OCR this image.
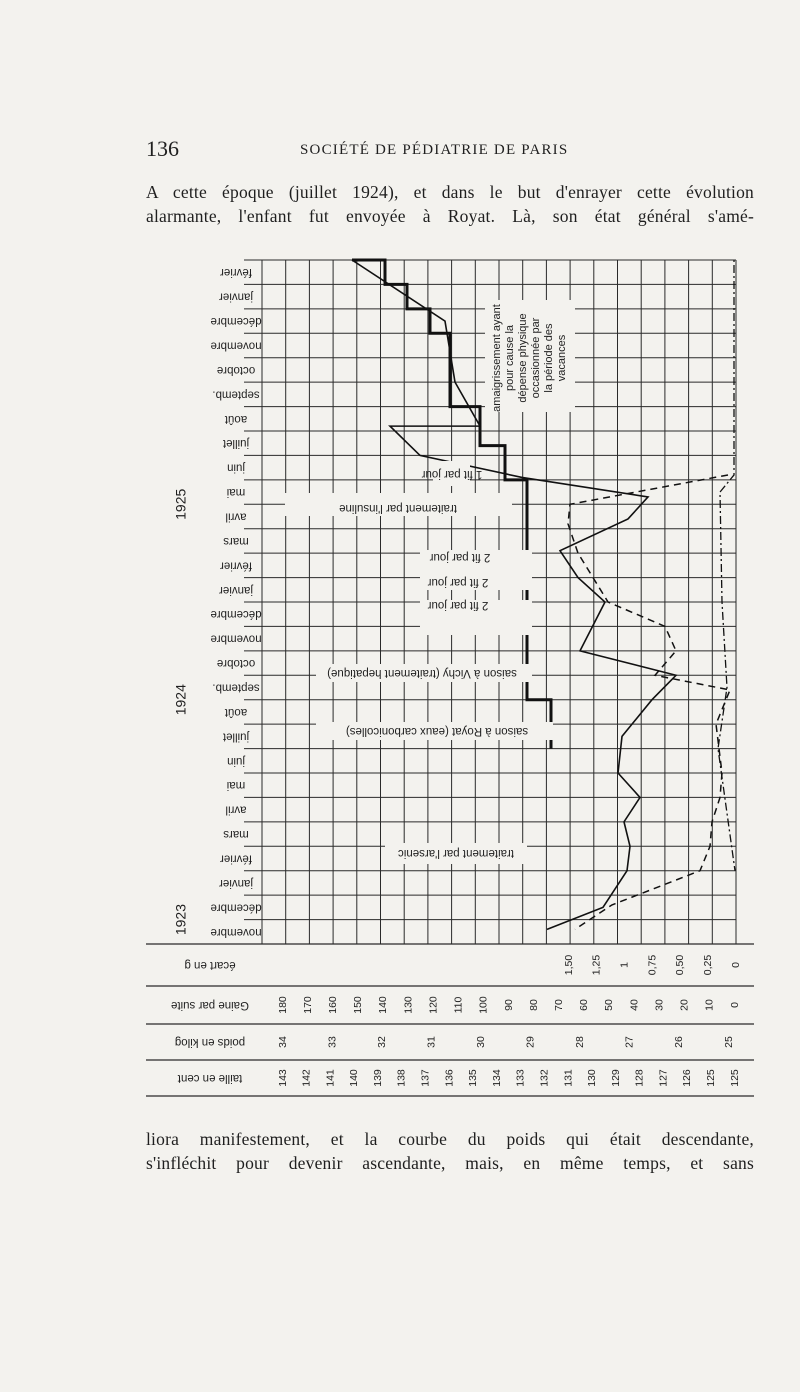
136	SOCIÉTÉ DE PÉDIATRIE DE PARIS
A cette époque (juillet 1924), et dans le but d'enrayer cette évolution
alarmante, l'enfant fut envoyée à Royat. Là, son état général s'amé-
février
janvier
décembre
novembre
octobre
septemb.
août
juillet
juin
mai
avril
mars
février
janvier
décembre
novembre
octobre
septemb.
août
juillet
juin
mai
avril
mars
février
janvier
décembre
novembre
1925
1924
1923
écart en g
Gaine par suite
poids en kilog
taille en cent
1,50 1,25 1 0,75 0,50 0,25 0
180 170 160 150 140 130 120 110 100 90 80 70 60 50 40 30 20 10 0
34	33	32	31	30	29	28	27	26	25
143 142 141 140 139 138 137 136 135 134 133 132 131 130 129 128 127 126 125 125
traitement par l'insuline
1 fit par jour
2 fit par jour
2 fit par jour
2 fit par jour
saison à Vichy (traitement hepatique)
saison à Royat (eaux carbonicolles)
traitement par l'arsenic
amaigrissement ayant pour cause la dépense physique occasionnée par la période des vacances
liora manifestement, et la courbe du poids qui était descendante,
s'infléchit pour devenir ascendante, mais, en même temps, et sans
